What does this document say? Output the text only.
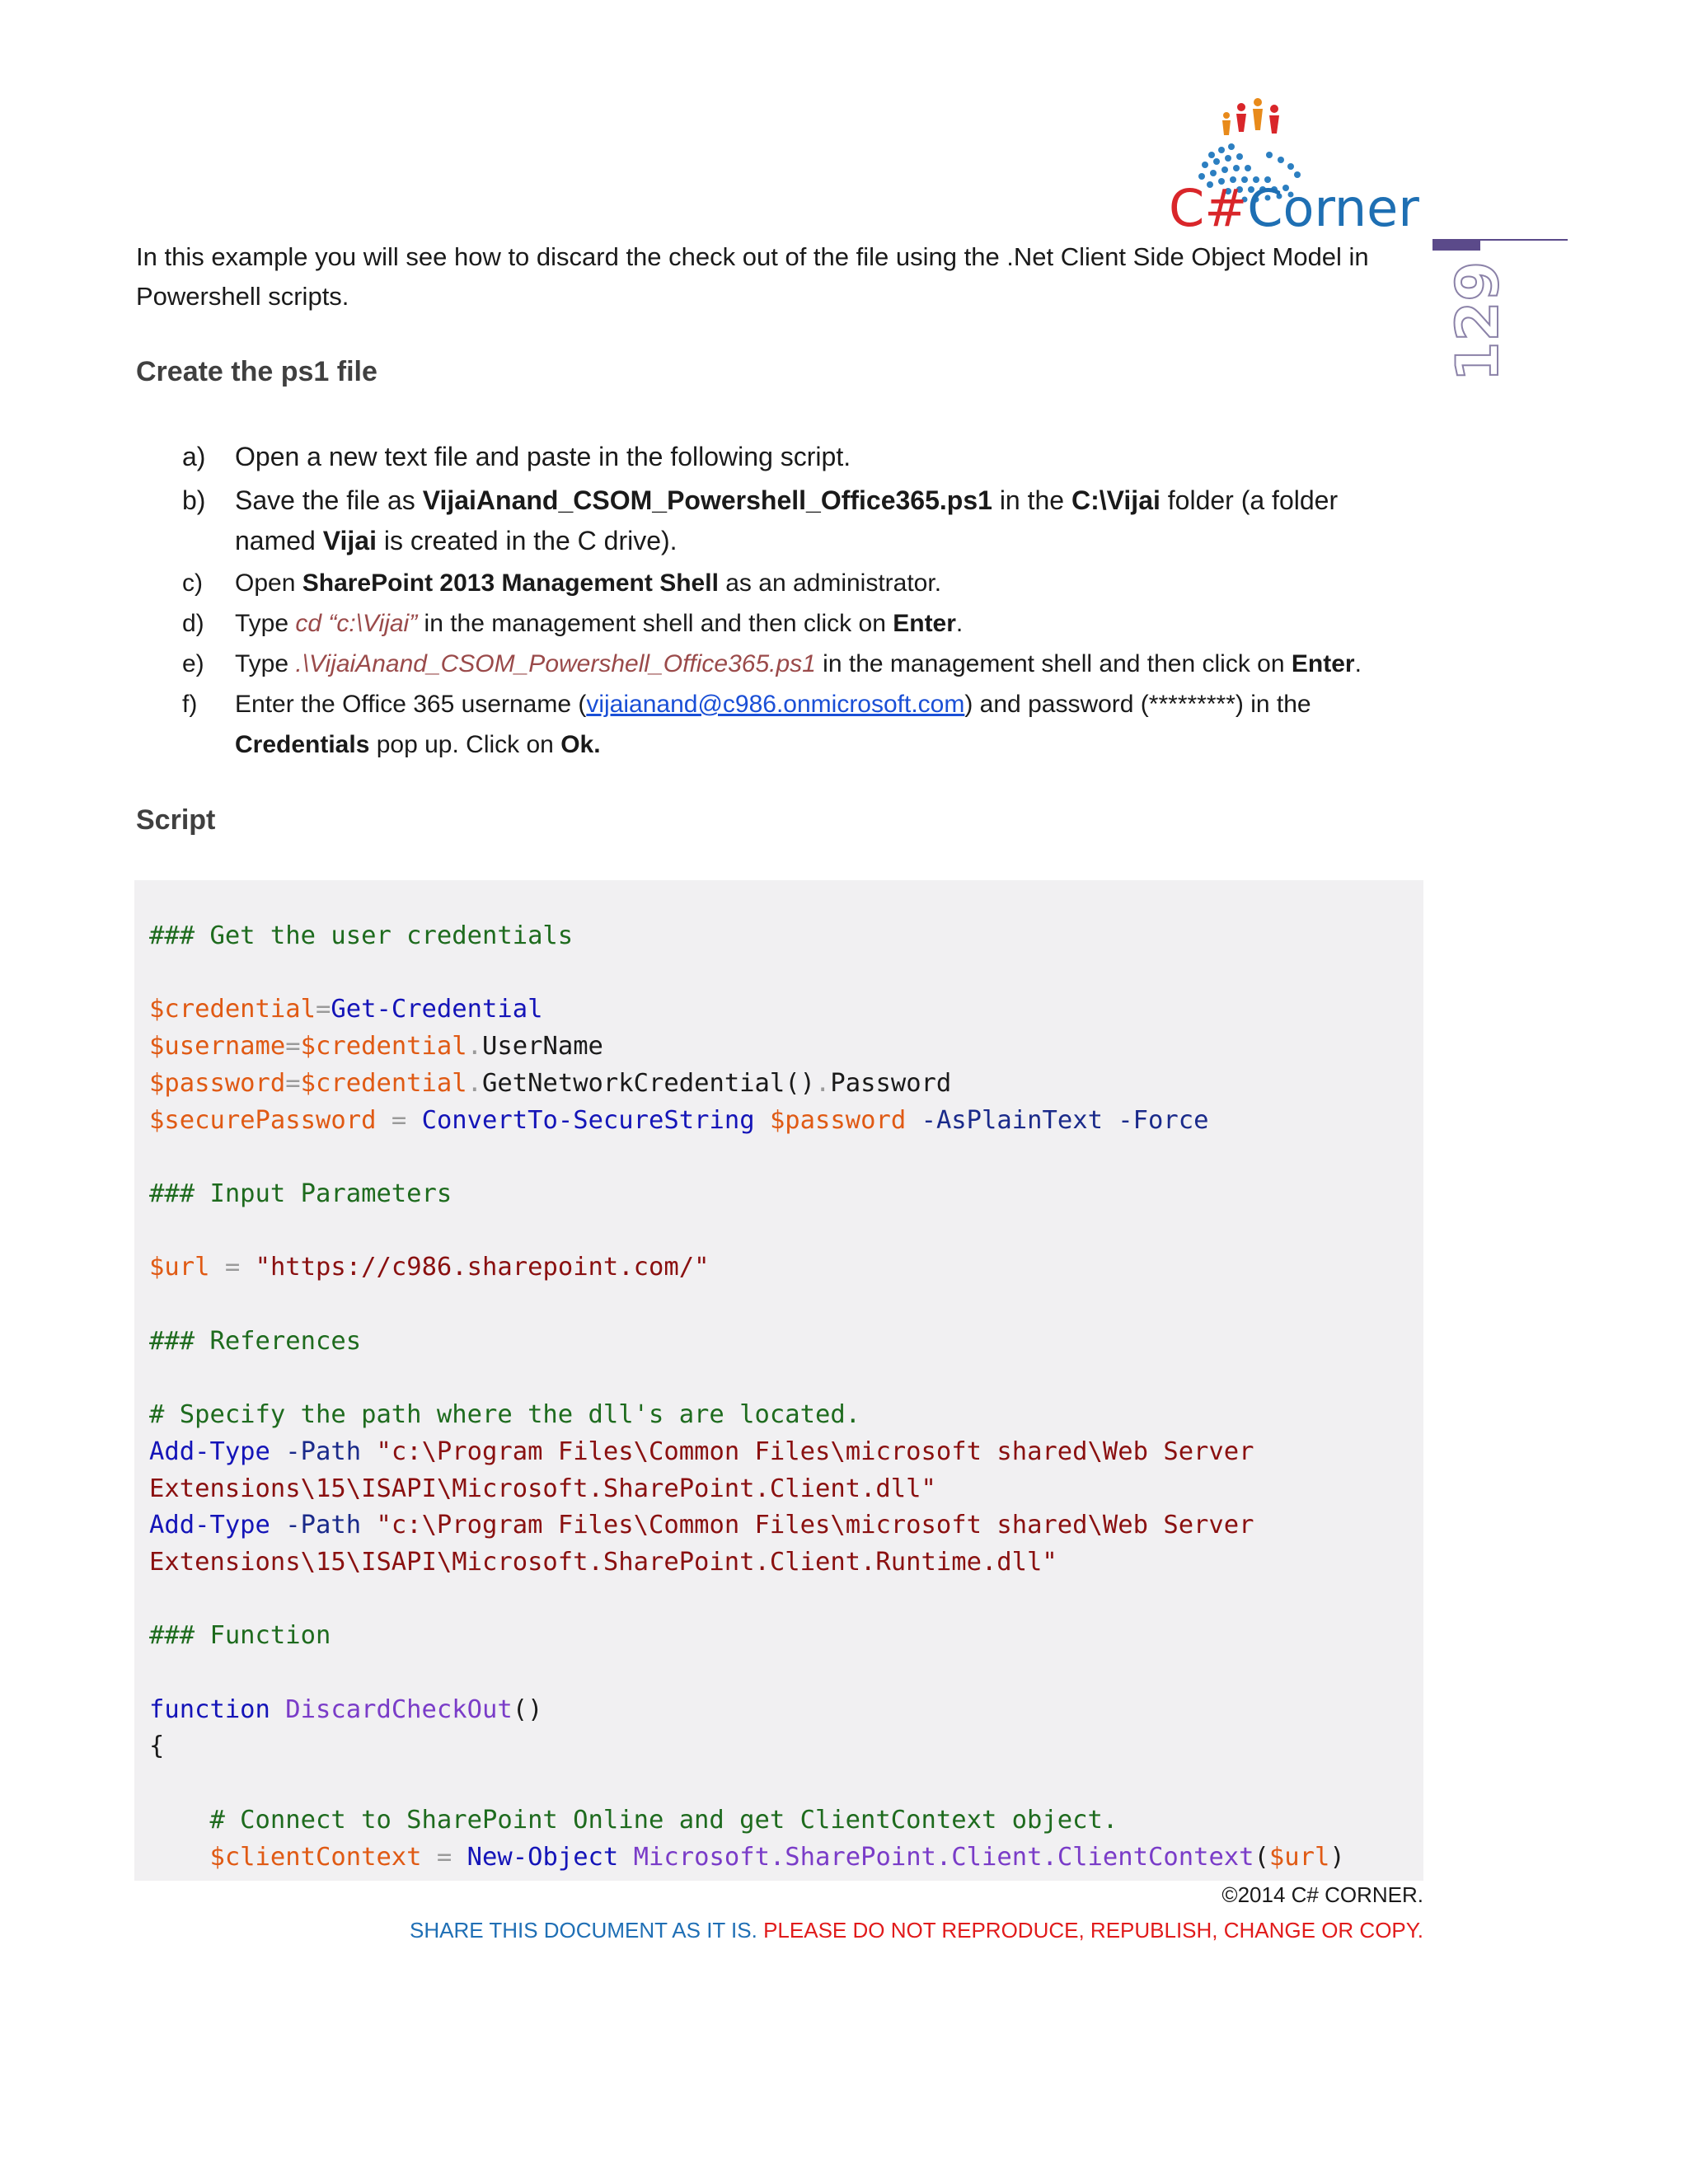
C#Corner
129

In this example you will see how to discard the check out of the file using the .Net Client Side Object Model in Powershell scripts.

Create the ps1 file
a) Open a new text file and paste in the following script.
b) Save the file as VijaiAnand_CSOM_Powershell_Office365.ps1 in the C:\Vijai folder (a folder named Vijai is created in the C drive).
c) Open SharePoint 2013 Management Shell as an administrator.
d) Type cd “c:\Vijai” in the management shell and then click on Enter.
e) Type .\VijaiAnand_CSOM_Powershell_Office365.ps1 in the management shell and then click on Enter.
f) Enter the Office 365 username (vijaianand@c986.onmicrosoft.com) and password (*********) in the Credentials pop up. Click on Ok.
Script
### Get the user credentials

$credential=Get-Credential
$username=$credential.UserName
$password=$credential.GetNetworkCredential().Password
$securePassword = ConvertTo-SecureString $password -AsPlainText -Force

### Input Parameters

$url = "https://c986.sharepoint.com/"

### References

# Specify the path where the dll's are located.
Add-Type -Path "c:\Program Files\Common Files\microsoft shared\Web Server
Extensions\15\ISAPI\Microsoft.SharePoint.Client.dll"
Add-Type -Path "c:\Program Files\Common Files\microsoft shared\Web Server
Extensions\15\ISAPI\Microsoft.SharePoint.Client.Runtime.dll"

### Function

function DiscardCheckOut()
{

# Connect to SharePoint Online and get ClientContext object.
$clientContext = New-Object Microsoft.SharePoint.Client.ClientContext($url)

©2014 C# CORNER.

SHARE THIS DOCUMENT AS IT IS. PLEASE DO NOT REPRODUCE, REPUBLISH, CHANGE OR COPY.
